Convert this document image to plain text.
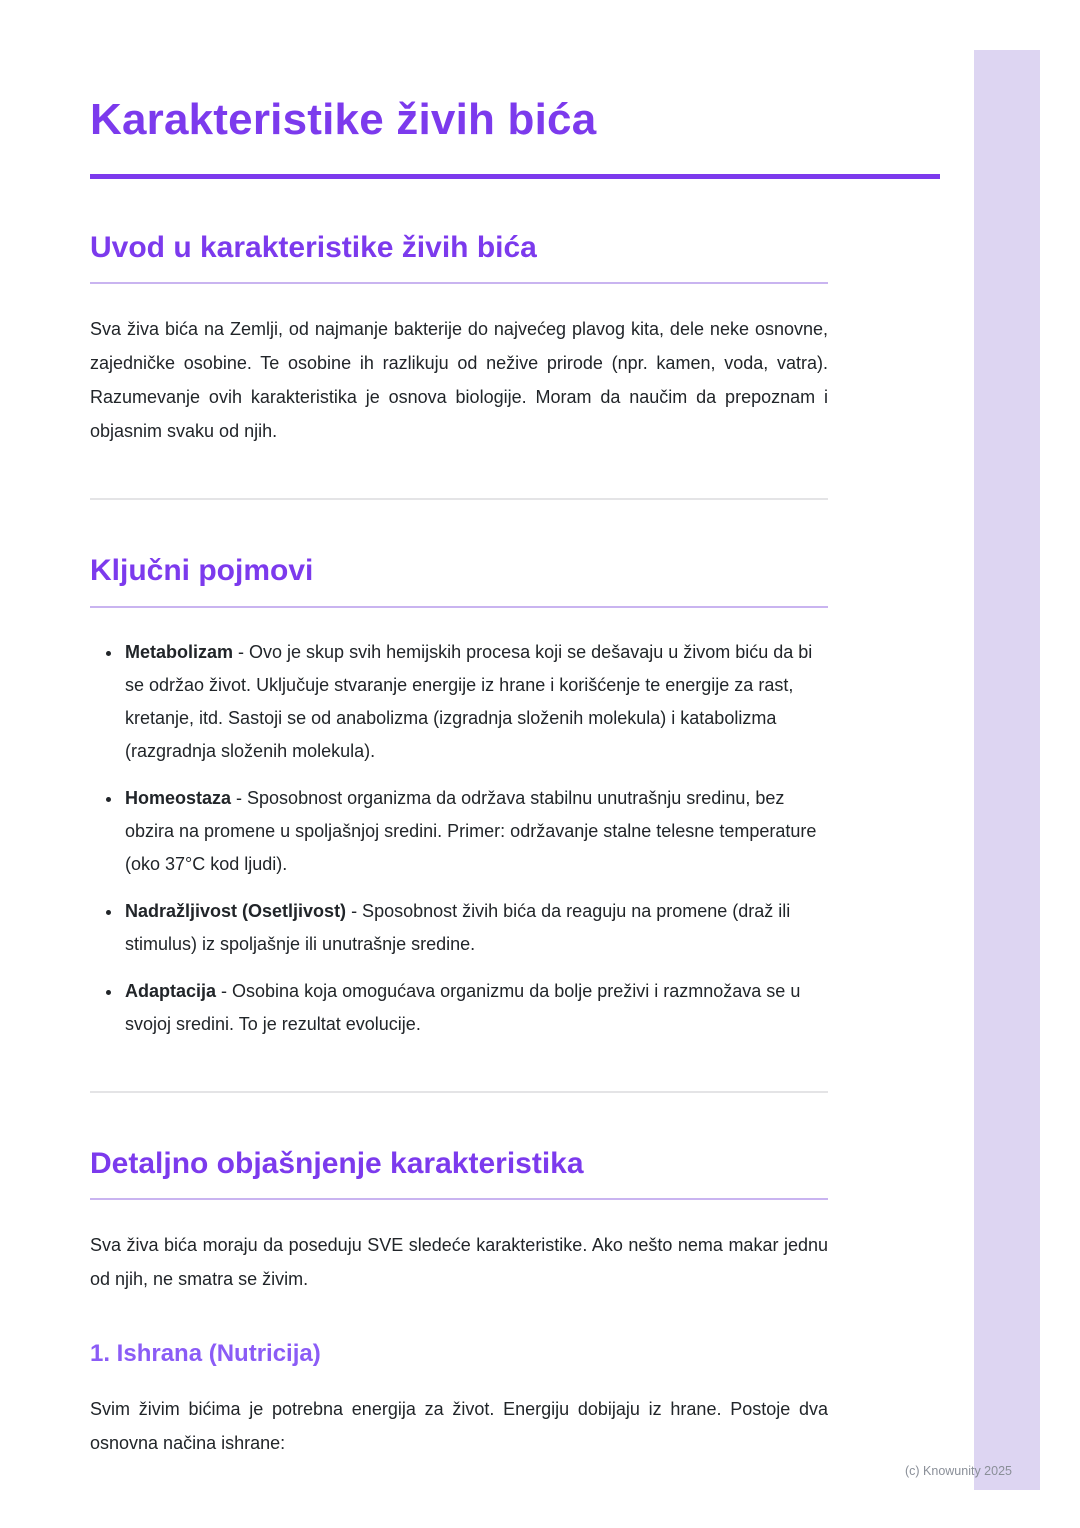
Karakteristike živih bića
Uvod u karakteristike živih bića

Sva živa bića na Zemlji, od najmanje bakterije do najvećeg plavog kita, dele neke osnovne, zajedničke osobine. Te osobine ih razlikuju od nežive prirode (npr. kamen, voda, vatra). Razumevanje ovih karakteristika je osnova biologije. Moram da naučim da prepoznam i objasnim svaku od njih.

Ključni pojmovi
• Metabolizam - Ovo je skup svih hemijskih procesa koji se dešavaju u živom biću da bi se održao život. Uključuje stvaranje energije iz hrane i korišćenje te energije za rast, kretanje, itd. Sastoji se od anabolizma (izgradnja složenih molekula) i katabolizma (razgradnja složenih molekula).
• Homeostaza - Sposobnost organizma da održava stabilnu unutrašnju sredinu, bez obzira na promene u spoljašnjoj sredini. Primer: održavanje stalne telesne temperature (oko 37°C kod ljudi).
• Nadražljivost (Osetljivost) - Sposobnost živih bića da reaguju na promene (draž ili stimulus) iz spoljašnje ili unutrašnje sredine.
• Adaptacija - Osobina koja omogućava organizmu da bolje preživi i razmnožava se u svojoj sredini. To je rezultat evolucije.
Detaljno objašnjenje karakteristika

Sva živa bića moraju da poseduju SVE sledeće karakteristike. Ako nešto nema makar jednu od njih, ne smatra se živim.

1. Ishrana (Nutricija)

Svim živim bićima je potrebna energija za život. Energiju dobijaju iz hrane. Postoje dva osnovna načina ishrane:

(c) Knowunity 2025
